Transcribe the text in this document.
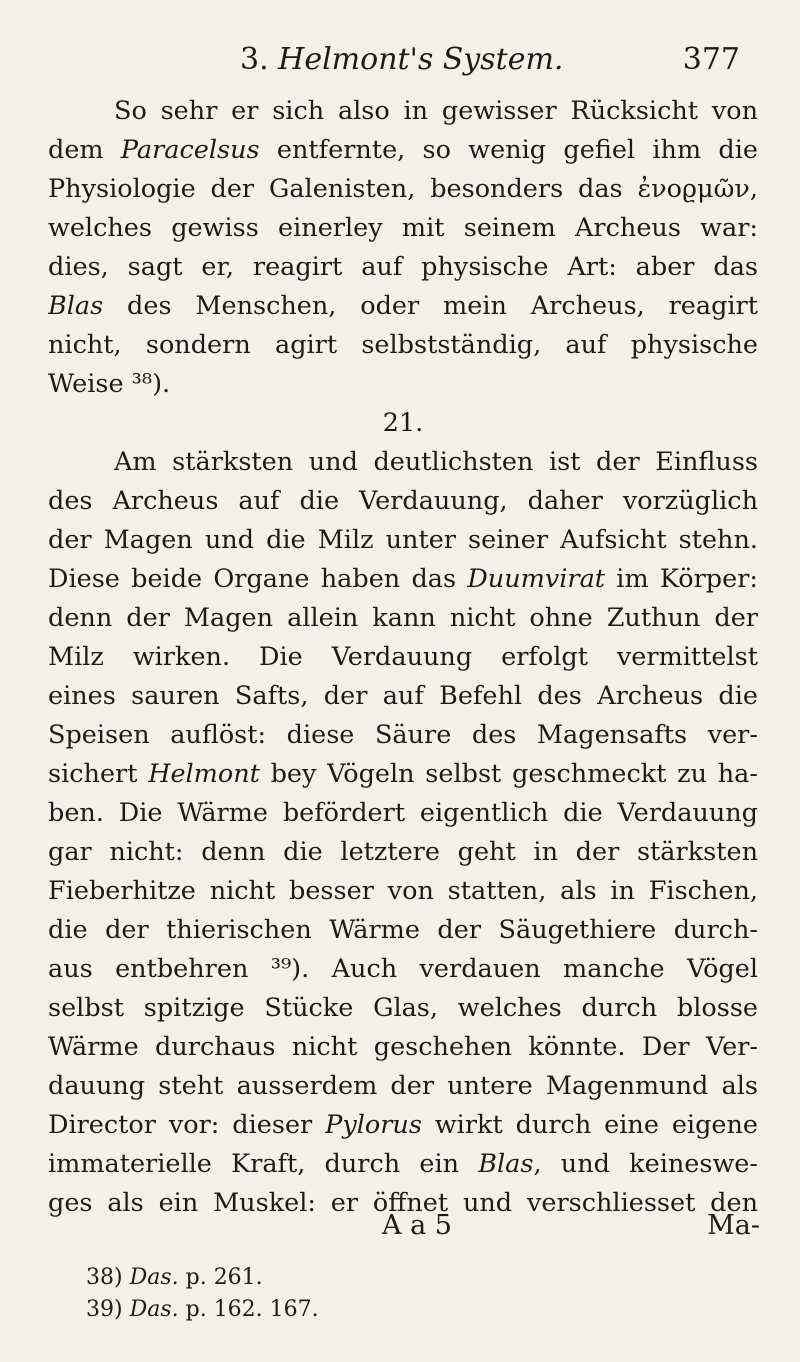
3. Helmont's System.	377
So sehr er sich also in gewisser Rücksicht von
dem Paracelsus entfernte, so wenig gefiel ihm die
Physiologie der Galenisten, besonders das ἐνοϱμῶν,
welches gewiss einerley mit seinem Archeus war:
dies, sagt er, reagirt auf physische Art: aber das
Blas des Menschen, oder mein Archeus, reagirt
nicht, sondern agirt selbstständig, auf physische
Weise ³⁸).
21.
Am stärksten und deutlichsten ist der Einfluss
des Archeus auf die Verdauung, daher vorzüglich
der Magen und die Milz unter seiner Aufsicht stehn.
Diese beide Organe haben das Duumvirat im Körper:
denn der Magen allein kann nicht ohne Zuthun der
Milz wirken. Die Verdauung erfolgt vermittelst
eines sauren Safts, der auf Befehl des Archeus die
Speisen auflöst: diese Säure des Magensafts ver-
sichert Helmont bey Vögeln selbst geschmeckt zu ha-
ben. Die Wärme befördert eigentlich die Verdauung
gar nicht: denn die letztere geht in der stärksten
Fieberhitze nicht besser von statten, als in Fischen,
die der thierischen Wärme der Säugethiere durch-
aus entbehren ³⁹). Auch verdauen manche Vögel
selbst spitzige Stücke Glas, welches durch blosse
Wärme durchaus nicht geschehen könnte. Der Ver-
dauung steht ausserdem der untere Magenmund als
Director vor: dieser Pylorus wirkt durch eine eigene
immaterielle Kraft, durch ein Blas, und keineswe-
ges als ein Muskel: er öffnet und verschliesset den
A a 5	Ma-
38) Das. p. 261.
39) Das. p. 162. 167.
